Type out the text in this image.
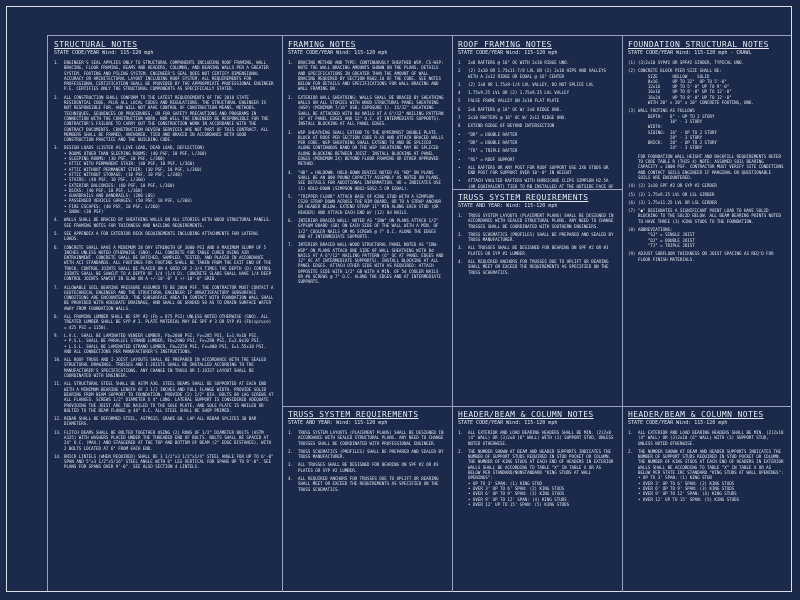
STRUCTURAL NOTES
STATE CODE/YEAR Wind: 115-120 mph
1. ENGINEER'S SEAL APPLIES ONLY TO STRUCTURAL COMPONENTS INCLUDING ROOF FRAMING, WALL BRACING, FLOOR FRAMING, BEAMS AND HEADERS, COLUMNS, AND BEARING WALLS PER A GREATER SYSTEM. FOOTING AND PILING SYSTEM. ENGINEER'S SEAL DOES NOT CERTIFY DIMENSIONAL ACCURACY OR ARCHITECTURAL LAYOUT INCLUDING ROOF SYSTEM. ALL REQUIREMENTS FOR PROFESSIONAL CERTIFICATION SHALL BE PROVIDED BY THE APPROPRIATE PROFESSIONAL ENGINEER P.E. CERTIFIES ONLY THE STRUCTURAL COMPONENTS AS SPECIFICALLY STATED.
2. ALL CONSTRUCTION SHALL CONFORM TO THE LATEST REQUIREMENTS OF THE 2018 STATE RESIDENTIAL CODE, PLUS ALL LOCAL CODES AND REGULATIONS. THE STRUCTURAL ENGINEER IS NOT RESPONSIBLE FOR, AND WILL NOT HAVE CONTROL OF CONSTRUCTION MEANS, METHODS, TECHNIQUES, SEQUENCES OR PROCEDURES, OR FOR SAFETY PRECAUTIONS AND PROGRAMS IN CONNECTION WITH THE CONSTRUCTION WORK, NOR WILL THE ENGINEER BE RESPONSIBLE FOR THE CONTRACTOR'S FAILURE TO CARRY OUT THE CONSTRUCTION WORK IN ACCORDANCE WITH THE CONTRACT DOCUMENTS. CONSTRUCTION REVIEW SERVICES ARE NOT PART OF THIS CONTRACT. ALL MEMBERS SHALL BE FRAMED, ANCHORED, TIED AND BRACED IN ACCORDANCE WITH GOOD CONSTRUCTION PRACTICE AND THE BUILDING CODE.
3. DESIGN LOADS (LISTED AS LIVE LOAD, DEAD LOAD, DEFLECTION)
• ROOMS OTHER THAN SLEEPING ROOMS: (40 PSF, 10 PSF, L/360)
• SLEEPING ROOMS: (30 PSF, 10 PSF, L/360)
• ATTIC WITH PERMANENT STAIR: (40 PSF, 10 PSF, L/360)
• ATTIC WITHOUT PERMANENT STAIR: (30 PSF, 10 PSF, L/360)
• ATTIC WITHOUT STORAGE: (10 PSF, 10 PSF, L/240)
• STAIRS: (40 PSF, 10 PSF, L/360)
• EXTERIOR BALCONIES: (60 PSF, 10 PSF, L/360)
• DECKS: (40 PSF, 10 PSF, L/360)
• GUARDRAILS AND HANDRAILS: (200 LBS)
• PASSENGER VEHICLE GARAGES: (50 PSF, 10 PSF, L/360)
• FIRE ESCAPES: (40 PSF, 10 PSF, L/360)
• SNOW: (30 PSF)
4. WALLS SHALL BE BRACED BY SHEATHING WALLS ON ALL STORIES WITH WOOD STRUCTURAL PANELS. SEE FRAMING NOTES FOR THICKNESS AND NAILING REQUIREMENTS.
5. SEE APPENDIX A FOR EXTERIOR DECK REQUIREMENTS INCLUDING ATTACHMENTS FOR LATERAL LOADS.
6. CONCRETE SHALL HAVE A MINIMUM 28 DAY STRENGTH OF 3000 PSI AND A MAXIMUM SLUMP OF 5 INCHES UNLESS NOTED OTHERWISE (SNO). ALL CONCRETE FOR TABLE CURED USING AIR ENTRAINMENT. CONCRETE SHALL BE BATCHED, SAMPLED, TESTED, AND PLACED IN ACCORDANCE WITH ACI STANDARDS. ALL FOOTINGS FOR FOOTING SHALL BE TAKEN FROM THE EXIT END OF THE TRUCK. CONTROL JOINTS SHALL BE PLACED ON A GRID OF 2-3/4 TIMES THE DEPTH (D) CONTROL JOINTS SHALL BE SAWCUT TO A DEPTH OF 1/4 (1/4 D). CONCRETE SLABS SHALL HAVE 1/4 DEEP CONTROL JOINTS SAWCUT IN SLAB ON A +/-10'-0" X +/-10'-0" GRID.
7. ALLOWABLE SOIL BEARING PRESSURE ASSUMED TO BE 2000 PSF. THE CONTRACTOR MUST CONTACT A GEOTECHNICAL ENGINEER AND THE STRUCTURAL ENGINEER IF UNSATISFACTORY SUBSURFACE CONDITIONS ARE ENCOUNTERED. THE SUBSURFACE AREA IN CONTACT WITH FOUNDATION WALL SHALL BE PROVIDED WITH ADEQUATE DRAINAGE, AND SHALL BE GRADED SO AS TO DRAIN SURFACE WATER AWAY FROM FOUNDATION WALLS.
8. ALL FRAMING LUMBER SHALL BE SPF #2 (Fb = 875 PSI) UNLESS NOTED OTHERWISE (SNO). ALL TREATED LUMBER SHALL BE SYP # 2. PLATE MATERIAL MAY BE SPF # 3 OR SYP #3 (Fb(spruce) = 425 PSI = 1150).
9. L.V.L. SHALL BE LAMINATED VENEER LUMBER, Fb=2600 PSI, Fv=285 PSI, E=1.9x10 PSI.
• P.S.L. SHALL BE PARALLEL STRAND LUMBER, Fb=2900 PSI, Fv=290 PSI, E=2.0x10 PSI.
• L.S.L. SHALL BE LAMINATED STRAND LUMBER, Fb=2250 PSI, Fv=400 PSI, E=1.55x10 PSI. AND ALL CONNECTIONS PER MANUFACTURER'S INSTRUCTIONS.
10. ALL ROOF TRUSS AND I-JOIST LAYOUTS SHALL BE PREPARED IN ACCORDANCE WITH THE SEALED STRUCTURAL DRAWINGS. TRUSSES AND I-JOISTS SHALL BE INSTALLED ACCORDING TO THE MANUFACTURER'S SPECIFICATIONS. ANY CHANGE IN TRUSS OR I-JOIST LAYOUT SHALL BE COORDINATED WITH ENGINEER.
11. ALL STRUCTURAL STEEL SHALL BE ASTM A36. STEEL BEAMS SHALL BE SUPPORTED AT EACH END WITH A MINIMUM BEARING LENGTH OF 3 1/2 INCHES AND FULL FLANGE WIDTH. PROVIDE SOLID BEARING FROM BEAM SUPPORT TO FOUNDATION. PROVIDE (2) 1/2" DIA. BOLTS OR LAG SCREWS AT ALL FLANGES. SCREWS 1/2" DIAMETER X 4" LONG. LATERAL SUPPORT IS CONSIDERED ADEQUATE PROVIDING THE JOIST ARE TOE NAILED TO THE SOLE PLATE, AND SOLE PLATE IS NAILED OR BOLTED TO THE BEAM FLANGE @ 48" O.C. ALL STEEL SHALL BE SHOP PRIMED.
12. REBAR SHALL BE DEFORMED STEEL, ASTM615, GRADE 60. LAP ALL REBAR SPLICES 30 BAR DIAMETERS.
13. FLITCH BEAMS SHALL BE BOLTED TOGETHER USING (2) ROWS OF 1/2" DIAMETER BOLTS (ASTM A325) WITH WASHERS PLACED UNDER THE THREADED END OF BOLTS. BOLTS SHALL BE SPACED AT 24" O.C. (MAX.) AND STAGGERED AT THE TOP AND BOTTOM OF BEAM (2" EDGE DISTANCE), WITH 2 BOLTS LOCATED AT 6" FROM EACH END.
14. BRICK LINTELS (WHEN REQUIRED) SHALL BE 3 1/2"x3 1/2"x1/4" STEEL ANGLE FOR UP TO 6'-0" SPAN AND 5"x3 1/2"x5/16" STEEL ANGLE WITH 6" LEG VERTICAL FOR SPANS UP TO 9'-0". SEE PLANS FOR SPANS OVER 9'-0". SEE ALSO SECTION 4 LINTELS.
FRAMING NOTES
STATE CODE/YEAR Wind: 115-120 mph
1. BRACING METHOD AND TYPE: CONTINUOUSLY SHEATHED WSP. CS-WSP: NOTE THE WALL BRACING AMOUNTS SHOWN ON THE PLANS. DETAILS AND SPECIFICATIONS IN GREATER THAN THE AMOUNT OF WALL BRACING REQUIRED BY SECTION R602.10 OF THE CODE. SEE NOTES BELOW FOR DETAILS AND SPECIFICATIONS FOR WALL BRACING AND WALL FRAMING OR.
2. EXTERIOR WALL SHEATHING: WALLS SHALL BE BRACED BY SHEATHING WALLS ON ALL STORIES WITH WOOD STRUCTURAL PANEL SHEATHING (WSP) (MINIMUM 7/16" OSB, EXPOSURE 1). 15/32" SHEATHING SHALL BE ATTACHED WITH 8d NAILS AT A 6"/12" NAILING PATTERN (6" AT PANEL EDGES AND 12" O.C. AT INTERMEDIATE SUPPORTS). INSTALL BLOCKING AT ALL PANEL EDGES.
3. WSP SHEATHING SHALL EXTEND TO THE UPPERMOST DOUBLE PLATE. BLOCK AT ROOF PER SECTION CODE R-XX AND ATTACH BRACED WALLS PER CODE. WSP SHEATHING SHALL EXTEND TO AND BE SPLICED ALONG CONTINUOUS BAND OR THE WSP SHEATHING MAY BE SPLICED ALONG BLOCKING BETWEEN JOIST. INSTALL BLOCKING AT PANEL EDGES (MINIMUM 2X) BEYOND FLOOR FRAMING OR OTHER APPROVED METHOD.
4. "HD" = HOLDOWN. HOLD-DOWN DEVICE NOTED AS "HD" ON PLANS SHALL BE AN 800 POUND CAPACITY ASSEMBLY AS NOTED ON PLANS. SEE DETAILS FOR ADDITIONAL INFORMATION. HD = INDICATES USE (1) HOLD-DOWN (SIMPSON HDU2-SDS2.5 OR EQUAL).
5. "TRIPPER FLOOR" ATTACH BASE OF KING STUD WITH A SIMPSON CS20 STRAP DOWN ACROSS THE RIM BOARD, OR TO A STRAP ANCHOR OR HEADER BELOW. EXTEND STRAP 11" MIN ALONG EACH STUD (OR HEADER) AND ATTACH EACH END W/ (12) 8d NAILS.
6. INTERIOR BRACED WALL: NOTED AS "IBW" ON PLANS ATTACH 1/2" GYPSUM BOARD (GB) ON EACH SIDE OF THE WALL WITH A MIN. OF 1/2" COOLER NAILS OR #6 SCREWS @ 7" O.C. ALONG THE EDGES AND AT INTERMEDIATE SUPPORTS.
7. INTERIOR BRACED WALL-WOOD STRUCTURAL PANEL NOTED AS "IBW-WSP" ON PLANS ATTACH ONE SIDE OF WALL SHEATHING WITH 8d NAILS AT A 6"/12" NAILING PATTERN (6" OC AT PANEL EDGES AND 12" OC AT INTERMEDIATE SUPPORTS). INSTALL BLOCKING AT ALL PANEL EDGES. ATTACH OTHER SIDE WITH AS REQUIRED: ATTACH OPPOSITE SIDE WITH 1/2" GB WITH A MIN. OF 5d COOLER NAILS OR #6 SCREWS @ 7" O.C. ALONG THE EDGES AND AT INTERMEDIATE SUPPORTS.
TRUSS SYSTEM REQUIREMENTS
STATE AND YEAR: Wind: 115-120 mph
1. TRUSS SYSTEM LAYOUTS (PLACEMENT PLANS) SHALL BE DESIGNED IN ACCORDANCE WITH SEALED STRUCTURAL PLANS. ANY NEED TO CHANGE TRUSSES SHALL BE COORDINATED WITH PROFESSIONAL ENGINEER.
2. TRUSS SCHEMATICS (PROFILES) SHALL BE PREPARED AND SEALED BY TRUSS MANUFACTURER.
3. ALL TRUSSES SHALL BE DESIGNED FOR BEARING ON SPF #2 OR #3 PLATES OR SYP #2 LUMBER.
4. ALL REQUIRED ANCHORS FOR TRUSSES DUE TO UPLIFT OR BEARING SHALL MEET OR EXCEED THE REQUIREMENTS AS SPECIFIED ON THE TRUSS SCHEMATICS.
ROOF FRAMING NOTES
STATE CODE/YEAR Wind: 115-120 mph
1 2x8 RAFTERS @ 16" OC WITH 2x10 RIDGE UNO.
2 (2) 2x10 OR 1.75x11-7/8 LVL OR (2) 2x10 HIPS AND VALLEYS WITH A 2x12 RIDGE OR EQUAL @ 16" CENTER
3 (2) 2x8 OR 1.75x9-1/4 LVL VALLEY, DO NOT SPLICE LVL
4 1.75x9.25 LVL OR (2) 1.75x9.25 LVL VALLEY
5 FALSE FRAME VALLEY ON 2x10 FLAT PLATE
6 2x6 RAFTERS @ 16" OC W/ 2x8 RIDGE UNO.
7 2x10 RAFTERS @ 16" OC W/ 2x12 RIDGE UNO.
8 EXTEND RIDGE OF BEYOND INTERSECTION
• "DR" = DOUBLE RAFTER
• "DR" = DOUBLE RAFTER
• "TR" = TRIPLE RAFTER
• "RS" = ROOF SUPPORT
• ALL RAFTERS OR ANY POST FOR ROOF SUPPORT USE 2X6 STUDS OR END POST FOR SUPPORT OVER 10'-0" IN HEIGHT
• ATTACH VAULTED RAFTERS WITH HURRICANE CLIPS SIMPSON H2.5A (OR EQUIVALENT) TIED TO RB INSTALLED AT THE OUTSIDE FACE OF
TRUSS SYSTEM REQUIREMENTS
STATE AND YEAR: Wind: 115-120 mph
1. TRUSS SYSTEM LAYOUTS (PLACEMENT PLANS) SHALL BE DESIGNED IN ACCORDANCE WITH SEALED STRUCTURAL PLANS. ANY NEED TO CHANGE TRUSSES SHALL BE COORDINATED WITH SOUTHERN ENGINEERS.
2. TRUSS SCHEMATICS (PROFILES) SHALL BE PREPARED AND SEALED BY TRUSS MANUFACTURER.
3. ALL TRUSSES SHALL BE DESIGNED FOR BEARING ON SPF #2 OR #3 PLATES OR SYP #2 LUMBER.
4. ALL REQUIRED ANCHORS FOR TRUSSES DUE TO UPLIFT OR BEARING SHALL MEET OR EXCEED THE REQUIREMENTS AS SPECIFIED ON THE TRUSS SCHEMATICS.
HEADER/BEAM & COLUMN NOTES
STATE CODE/YEAR Wind: 115-120 mph
1. ALL EXTERIOR AND LOAD BEARING HEADERS SHALL BE MIN. (2)2x8 (4" WALL) OR (3)2x8 (6" WALL) WITH (1) SUPPORT STUD, UNLESS NOTED OTHERWISE.
2. THE NUMBER SHOWN AT BEAM AND HEADER SUPPORTS INDICATES THE NUMBER OF SUPPORT STUDS REQUIRED IN STUD POCKET OR COLUMN. THE NUMBER OF KING STUDS AT EACH END OF HEADERS IN EXTERIOR WALLS SHALL BE ACCORDING TO TABLE "X" IN TABLE X OR AS BELOW PER STANDARD/NONSTANDARD "KING STUDS AT WALL OPENINGS":
• UP TO 3' SPAN: (1) KING STUD
• OVER 3' UP TO 6' SPAN: (2) KING STUDS
• OVER 6' UP TO 9' SPAN: (3) KING STUDS
• OVER 9' UP TO 12' SPAN: (4) KING STUDS
• OVER 12' UP TO 15' SPAN: (5) KING STUDS
FOUNDATION STRUCTURAL NOTES
STATE CODE/YEAR Wind: 115-120 mph - CRAWL
(1) (3)2x10 SYP#2 OR SPF#2 GIRDER, TYPICAL UNO.
(2) CONCRETE BLOCK PIER SIZE SHALL BE:
SIZE      HOLLOW    SOLID
8x16      UP TO 32"  UP TO 5'-0"
12x16     UP TO 5'-0" UP TO 9'-0"
16x16     UP TO 8'-0" UP TO 12'-0"
16x24     UP TO 8'-0" UP TO 12'-0"
WITH 20" x 20" x 10" CONCRETE FOOTING, UNO.
(3) WALL FOOTING AS FOLLOWS
DEPTH:   8" - UP TO 2 STORY
10" - 3 STORY
WIDTH:
SIDING:  16" - UP TO 2 STORY
20" - 3 STORY
BRICK:   20" - UP TO 2 STORY
24" - 3 STORY
FOR FOUNDATION WALL HEIGHT AND BACKFILL REQUIREMENTS REFER TO CODE TABLE R (THIS 4) NOTE: ASSUMED SOIL BEARING CAPACITY = 2000 PSF. CONTRACTOR MUST VERIFY SITE CONDITIONS AND CONTACT SOILS ENGINEER IF MARGINAL OR QUESTIONABLE SOILS ARE ENCOUNTERED.
(4) (2) 2x10 SPF #2 OR SYP #2 GIRDER
(5) (2) 1.75x9.25 LVL OR LSL GIRDER
(6) (3) 1.75x11.25 LVL OR LSL GIRDER
(7) "●" DESIGNATES A SIGNIFICANT POINT LOAD TO HAVE SOLID BLOCKING TO THE SOLID BELOW. ALL BEAM BEARING POINTS NOTED TO HAVE THREE (3) KING STUDS TO THE FOUNDATION.
(8) ABBREVIATIONS:
"SJ" = SINGLE JOIST
"DJ" = DOUBLE JOIST
"TJ" = TRIPLE JOIST
(9) ADJUST SUBFLOOR THICKNESS OR JOIST SPACING AS REQ'D FOR FLOOR FINISH MATERIALS.
HEADER/BEAM & COLUMN NOTES
STATE CODE/YEAR Wind: 115-120 mph
1. ALL EXTERIOR AND LOAD BEARING HEADERS SHALL BE MIN. (2)2x10 (4" WALL) OR (3)2x10 (6" WALL) WITH (1) SUPPORT STUD, UNLESS NOTED OTHERWISE.
2. THE NUMBER SHOWN AT BEAM AND HEADER SUPPORTS INDICATES THE NUMBER OF SUPPORT STUDS REQUIRED IN STUD POCKET OR COLUMN. THE NUMBER OF KING STUDS AT EACH END OF HEADERS IN EXTERIOR WALLS SHALL BE ACCORDING TO TABLE "X" IN TABLE X OR AS BELOW PER STATE IRC STANDARD "KING STUDS AT WALL OPENINGS":
• UP TO 3' SPAN: (1) KING STUD
• OVER 3' UP TO 6' SPAN: (2) KING STUDS
• OVER 6' UP TO 9' SPAN: (3) KING STUDS
• OVER 9' UP TO 12' SPAN: (4) KING STUDS
• OVER 12' UP TO 15' SPAN: (5) KING STUDS
